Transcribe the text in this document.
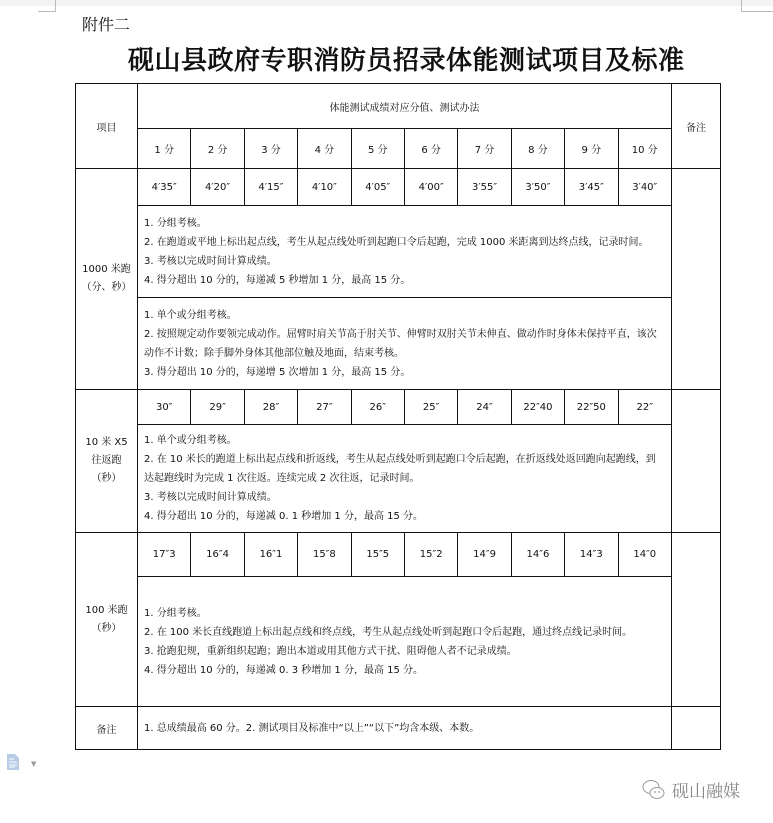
附件二
砚山县政府专职消防员招录体能测试项目及标准
项目	体能测试成绩对应分值、测试办法										备注
	1 分	2 分	3 分	4 分	5 分	6 分	7 分	8 分	9 分	10 分	

1000 米跑
（分、秒）	4′35″	4′20″	4′15″	4′10″	4′05″	4′00″	3′55″	3′50″	3′45″	3′40″	

	1. 分组考核。
2. 在跑道或平地上标出起点线，考生从起点线处听到起跑口令后起跑，完成 1000 米距离到达终点线，记录时间。
3. 考核以完成时间计算成绩。
4. 得分超出 10 分的，每递减 5 秒增加 1 分，最高 15 分。										

	1. 单个或分组考核。
2. 按照规定动作要领完成动作。屈臂时肩关节高于肘关节、伸臂时双肘关节未伸直、做动作时身体未保持平直，该次动作不计数；除手脚外身体其他部位触及地面，结束考核。
3. 得分超出 10 分的，每递增 5 次增加 1 分，最高 15 分。										

10 米 X5
往返跑
（秒）	30″	29″	28″	27″	26″	25″	24″	22″40	22″50	22″	

	1. 单个或分组考核。
2. 在 10 米长的跑道上标出起点线和折返线，考生从起点线处听到起跑口令后起跑，在折返线处返回跑向起跑线，到达起跑线时为完成 1 次往返。连续完成 2 次往返，记录时间。
3. 考核以完成时间计算成绩。
4. 得分超出 10 分的，每递减 0. 1 秒增加 1 分，最高 15 分。										

100 米跑
（秒）	17″3	16″4	16″1	15″8	15″5	15″2	14″9	14″6	14″3	14″0	

	1. 分组考核。
2. 在 100 米长直线跑道上标出起点线和终点线，考生从起点线处听到起跑口令后起跑，通过终点线记录时间。
3. 抢跑犯规，重新组织起跑；跑出本道或用其他方式干扰、阻碍他人者不记录成绩。
4. 得分超出 10 分的，每递减 0. 3 秒增加 1 分，最高 15 分。										

备注	1. 总成绩最高 60 分。2. 测试项目及标准中“以上”“以下”均含本级、本数。										
▼
砚山融媒
